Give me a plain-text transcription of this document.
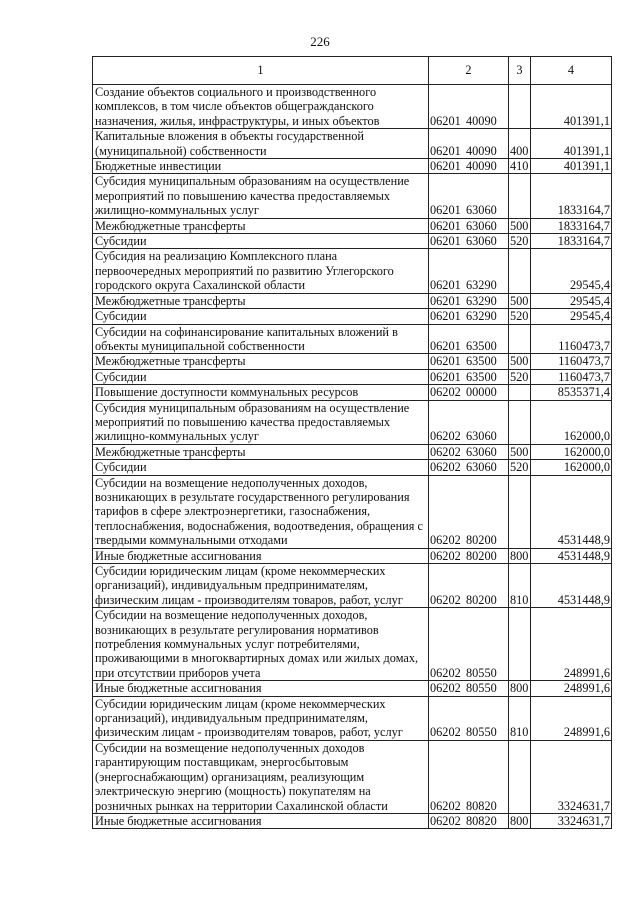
226
1	2	3	4
Создание объектов социального и производственного комплексов, в том числе объектов общегражданского назначения, жилья, инфраструктуры, и иных объектов	06201 40090		401391,1
Капитальные вложения в объекты государственной (муниципальной) собственности	06201 40090	400	401391,1
Бюджетные инвестиции	06201 40090	410	401391,1
Субсидия муниципальным образованиям на осуществление мероприятий по повышению качества предоставляемых жилищно-коммунальных услуг	06201 63060		1833164,7
Межбюджетные трансферты	06201 63060	500	1833164,7
Субсидии	06201 63060	520	1833164,7
Субсидия на реализацию Комплексного плана первоочередных мероприятий по развитию Углегорского городского округа Сахалинской области	06201 63290		29545,4
Межбюджетные трансферты	06201 63290	500	29545,4
Субсидии	06201 63290	520	29545,4
Субсидии на софинансирование капитальных вложений в объекты муниципальной собственности	06201 63500		1160473,7
Межбюджетные трансферты	06201 63500	500	1160473,7
Субсидии	06201 63500	520	1160473,7
Повышение доступности коммунальных ресурсов	06202 00000		8535371,4
Субсидия муниципальным образованиям на осуществление мероприятий по повышению качества предоставляемых жилищно-коммунальных услуг	06202 63060		162000,0
Межбюджетные трансферты	06202 63060	500	162000,0
Субсидии	06202 63060	520	162000,0
Субсидии на возмещение недополученных доходов, возникающих в результате государственного регулирования тарифов в сфере электроэнергетики, газоснабжения, теплоснабжения, водоснабжения, водоотведения, обращения с твердыми коммунальными отходами	06202 80200		4531448,9
Иные бюджетные ассигнования	06202 80200	800	4531448,9
Субсидии юридическим лицам (кроме некоммерческих организаций), индивидуальным предпринимателям, физическим лицам - производителям товаров, работ, услуг	06202 80200	810	4531448,9
Субсидии на возмещение недополученных доходов, возникающих в результате регулирования нормативов потребления коммунальных услуг потребителями, проживающими в многоквартирных домах или жилых домах, при отсутствии приборов учета	06202 80550		248991,6
Иные бюджетные ассигнования	06202 80550	800	248991,6
Субсидии юридическим лицам (кроме некоммерческих организаций), индивидуальным предпринимателям, физическим лицам - производителям товаров, работ, услуг	06202 80550	810	248991,6
Субсидии на возмещение недополученных доходов гарантирующим поставщикам, энергосбытовым (энергоснабжающим) организациям, реализующим электрическую энергию (мощность) покупателям на розничных рынках на территории Сахалинской области	06202 80820		3324631,7
Иные бюджетные ассигнования	06202 80820	800	3324631,7
